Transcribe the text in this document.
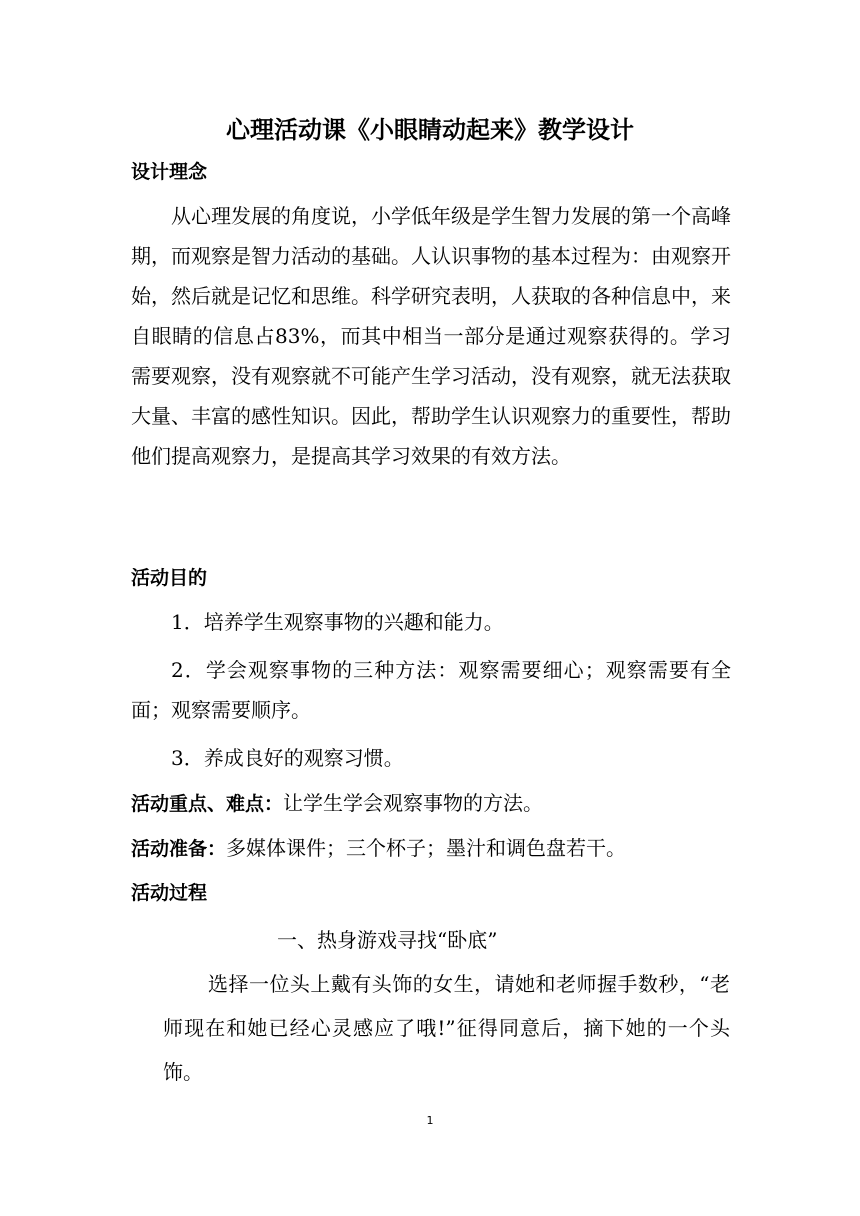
心理活动课《小眼睛动起来》教学设计
设计理念
从心理发展的角度说，小学低年级是学生智力发展的第一个高峰期，而观察是智力活动的基础。人认识事物的基本过程为：由观察开始，然后就是记忆和思维。科学研究表明，人获取的各种信息中，来自眼睛的信息占83%，而其中相当一部分是通过观察获得的。学习需要观察，没有观察就不可能产生学习活动，没有观察，就无法获取大量、丰富的感性知识。因此，帮助学生认识观察力的重要性，帮助他们提高观察力，是提高其学习效果的有效方法。
活动目的
1．培养学生观察事物的兴趣和能力。
2．学会观察事物的三种方法：观察需要细心；观察需要有全面；观察需要顺序。
3．养成良好的观察习惯。
活动重点、难点：让学生学会观察事物的方法。
活动准备：多媒体课件；三个杯子；墨汁和调色盘若干。
活动过程
一、热身游戏寻找“卧底”
选择一位头上戴有头饰的女生，请她和老师握手数秒，“老师现在和她已经心灵感应了哦!”征得同意后，摘下她的一个头饰。
1
